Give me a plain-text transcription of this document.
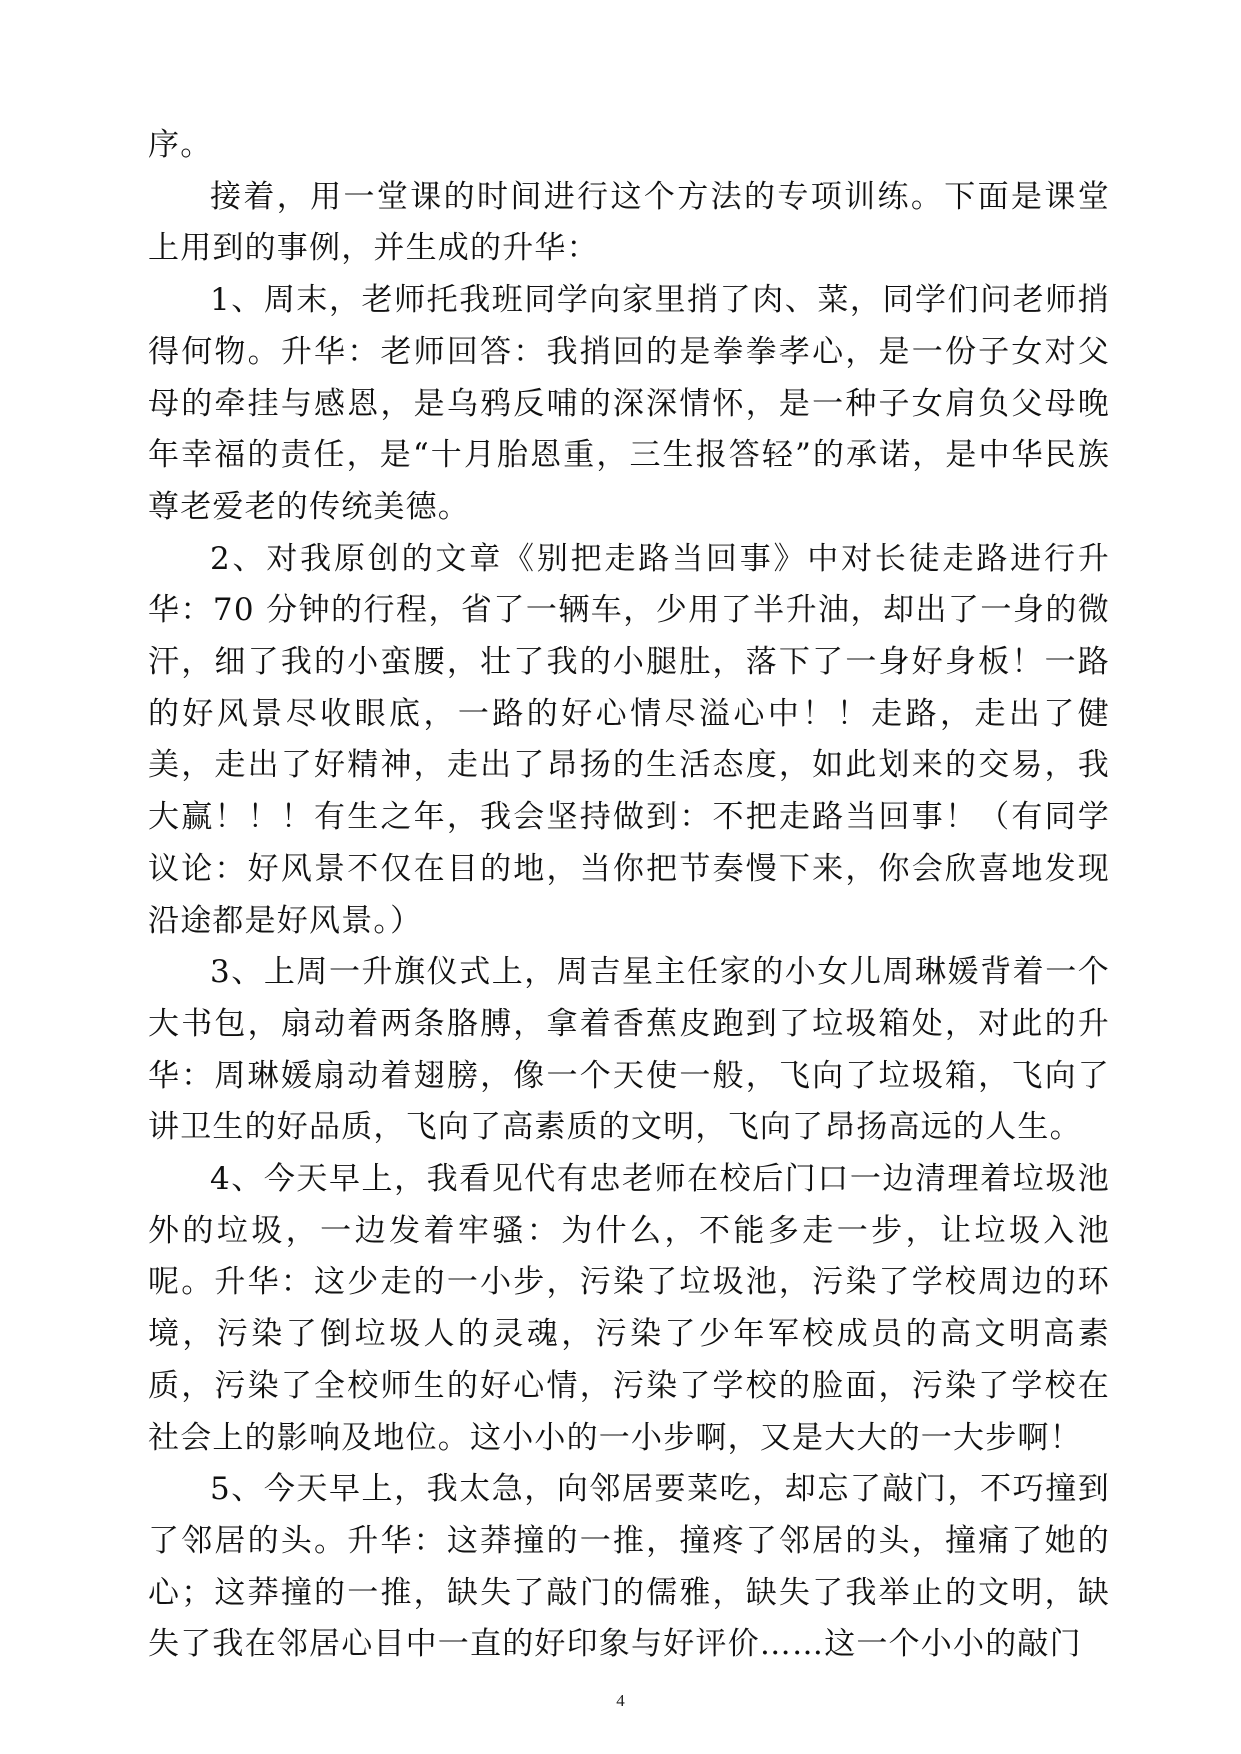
序。

接着，用一堂课的时间进行这个方法的专项训练。下面是课堂上用到的事例，并生成的升华：

1、周末，老师托我班同学向家里捎了肉、菜，同学们问老师捎得何物。升华：老师回答：我捎回的是拳拳孝心，是一份子女对父母的牵挂与感恩，是乌鸦反哺的深深情怀，是一种子女肩负父母晚年幸福的责任，是“十月胎恩重，三生报答轻”的承诺，是中华民族尊老爱老的传统美德。

2、对我原创的文章《别把走路当回事》中对长徒走路进行升华：70 分钟的行程，省了一辆车，少用了半升油，却出了一身的微汗，细了我的小蛮腰，壮了我的小腿肚，落下了一身好身板！一路的好风景尽收眼底，一路的好心情尽溢心中！！走路，走出了健美，走出了好精神，走出了昂扬的生活态度，如此划来的交易，我大赢！！！有生之年，我会坚持做到：不把走路当回事！（有同学议论：好风景不仅在目的地，当你把节奏慢下来，你会欣喜地发现沿途都是好风景。）

3、上周一升旗仪式上，周吉星主任家的小女儿周琳媛背着一个大书包，扇动着两条胳膊，拿着香蕉皮跑到了垃圾箱处，对此的升华：周琳媛扇动着翅膀，像一个天使一般，飞向了垃圾箱，飞向了讲卫生的好品质，飞向了高素质的文明，飞向了昂扬高远的人生。

4、今天早上，我看见代有忠老师在校后门口一边清理着垃圾池外的垃圾，一边发着牢骚：为什么，不能多走一步，让垃圾入池呢。升华：这少走的一小步，污染了垃圾池，污染了学校周边的环境，污染了倒垃圾人的灵魂，污染了少年军校成员的高文明高素质，污染了全校师生的好心情，污染了学校的脸面，污染了学校在社会上的影响及地位。这小小的一小步啊，又是大大的一大步啊！

5、今天早上，我太急，向邻居要菜吃，却忘了敲门，不巧撞到了邻居的头。升华：这莽撞的一推，撞疼了邻居的头，撞痛了她的心；这莽撞的一推，缺失了敲门的儒雅，缺失了我举止的文明，缺失了我在邻居心目中一直的好印象与好评价……这一个小小的敲门

4
